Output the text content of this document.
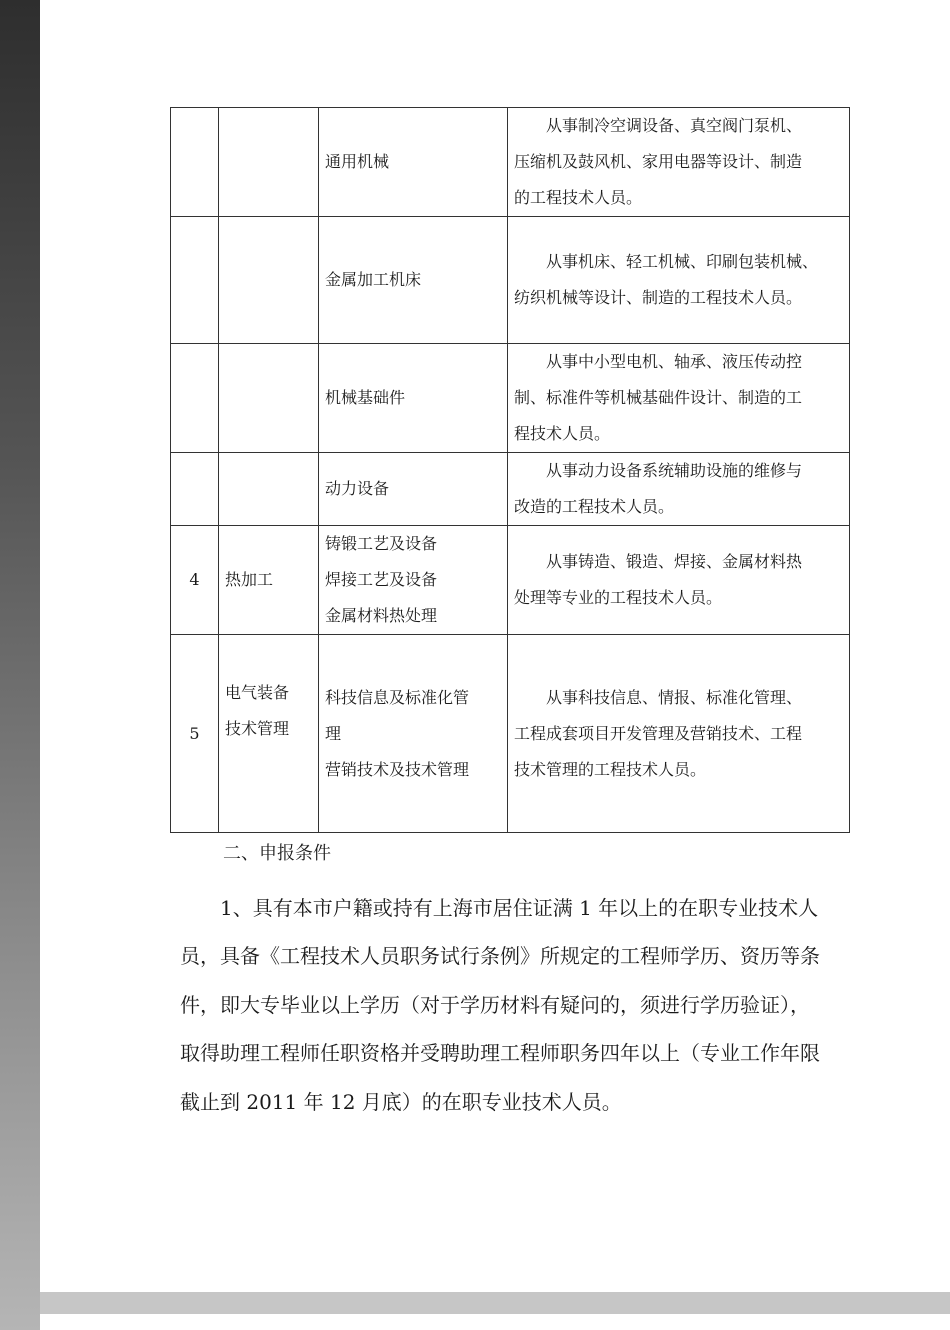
		通用机械	从事制冷空调设备、真空阀门泵机、
压缩机及鼓风机、家用电器等设计、制造
的工程技术人员。

		金属加工机床	从事机床、轻工机械、印刷包装机械、
纺织机械等设计、制造的工程技术人员。

		机械基础件	从事中小型电机、轴承、液压传动控
制、标准件等机械基础件设计、制造的工
程技术人员。

		动力设备	从事动力设备系统辅助设施的维修与
改造的工程技术人员。

4	热加工	铸锻工艺及设备
焊接工艺及设备
金属材料热处理	从事铸造、锻造、焊接、金属材料热
处理等专业的工程技术人员。

5	电气装备
技术管理	科技信息及标准化管
理
营销技术及技术管理	从事科技信息、情报、标准化管理、
工程成套项目开发管理及营销技术、工程
技术管理的工程技术人员。
二、申报条件
1、具有本市户籍或持有上海市居住证满 1 年以上的在职专业技术人员，具备《工程技术人员职务试行条例》所规定的工程师学历、资历等条件，即大专毕业以上学历（对于学历材料有疑问的，须进行学历验证），取得助理工程师任职资格并受聘助理工程师职务四年以上（专业工作年限截止到 2011 年 12 月底）的在职专业技术人员。
